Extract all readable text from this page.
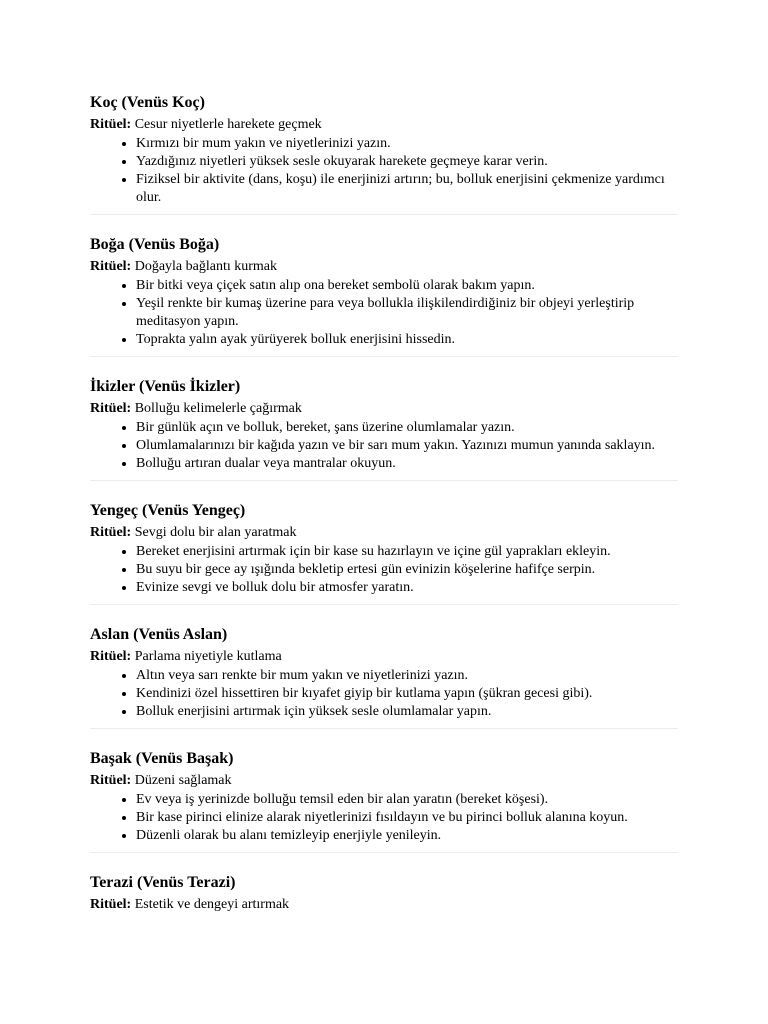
Koç (Venüs Koç)
Ritüel: Cesur niyetlerle harekete geçmek
• Kırmızı bir mum yakın ve niyetlerinizi yazın.
• Yazdığınız niyetleri yüksek sesle okuyarak harekete geçmeye karar verin.
• Fiziksel bir aktivite (dans, koşu) ile enerjinizi artırın; bu, bolluk enerjisini çekmenize yardımcı olur.
Boğa (Venüs Boğa)
Ritüel: Doğayla bağlantı kurmak
• Bir bitki veya çiçek satın alıp ona bereket sembolü olarak bakım yapın.
• Yeşil renkte bir kumaş üzerine para veya bollukla ilişkilendirdiğiniz bir objeyi yerleştirip meditasyon yapın.
• Toprakta yalın ayak yürüyerek bolluk enerjisini hissedin.
İkizler (Venüs İkizler)
Ritüel: Bolluğu kelimelerle çağırmak
• Bir günlük açın ve bolluk, bereket, şans üzerine olumlamalar yazın.
• Olumlamalarınızı bir kağıda yazın ve bir sarı mum yakın. Yazınızı mumun yanında saklayın.
• Bolluğu artıran dualar veya mantralar okuyun.
Yengeç (Venüs Yengeç)
Ritüel: Sevgi dolu bir alan yaratmak
• Bereket enerjisini artırmak için bir kase su hazırlayın ve içine gül yaprakları ekleyin.
• Bu suyu bir gece ay ışığında bekletip ertesi gün evinizin köşelerine hafifçe serpin.
• Evinize sevgi ve bolluk dolu bir atmosfer yaratın.
Aslan (Venüs Aslan)
Ritüel: Parlama niyetiyle kutlama
• Altın veya sarı renkte bir mum yakın ve niyetlerinizi yazın.
• Kendinizi özel hissettiren bir kıyafet giyip bir kutlama yapın (şükran gecesi gibi).
• Bolluk enerjisini artırmak için yüksek sesle olumlamalar yapın.
Başak (Venüs Başak)
Ritüel: Düzeni sağlamak
• Ev veya iş yerinizde bolluğu temsil eden bir alan yaratın (bereket köşesi).
• Bir kase pirinci elinize alarak niyetlerinizi fısıldayın ve bu pirinci bolluk alanına koyun.
• Düzenli olarak bu alanı temizleyip enerjiyle yenileyin.
Terazi (Venüs Terazi)
Ritüel: Estetik ve dengeyi artırmak
